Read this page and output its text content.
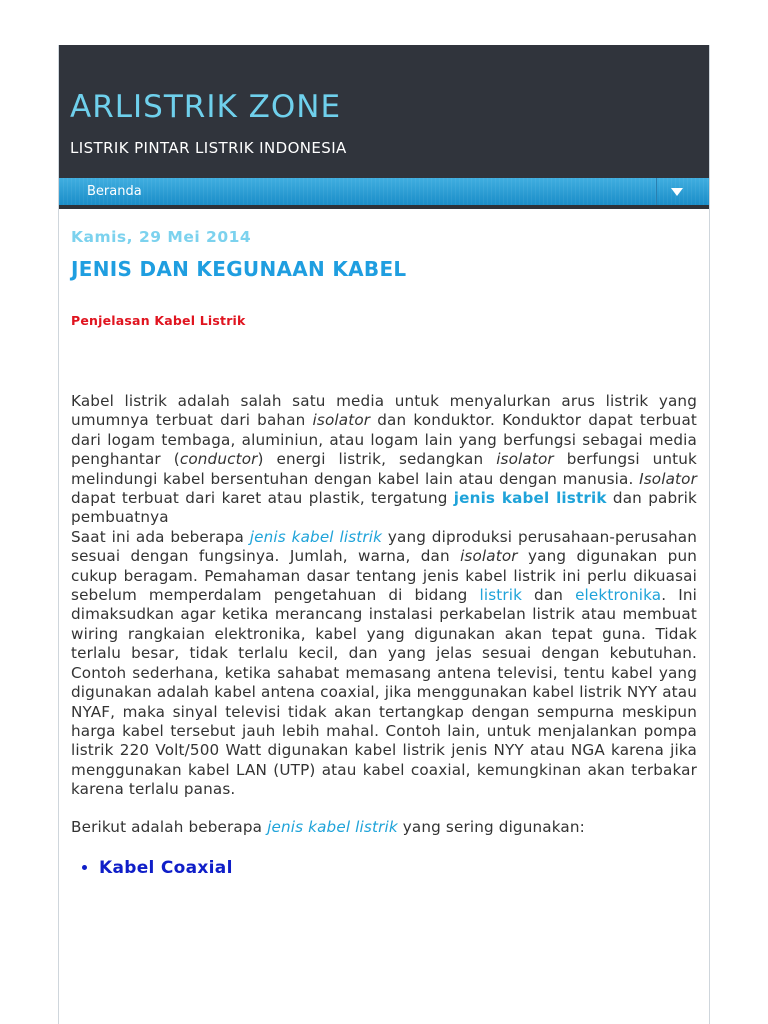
ARLISTRIK ZONE
LISTRIK PINTAR LISTRIK INDONESIA
Beranda
Kamis, 29 Mei 2014
JENIS DAN KEGUNAAN KABEL
Penjelasan Kabel Listrik

Kabel listrik adalah salah satu media untuk menyalurkan arus listrik yang umumnya terbuat dari bahan isolator dan konduktor. Konduktor dapat terbuat dari logam tembaga, aluminiun, atau logam lain yang berfungsi sebagai media penghantar (conductor) energi listrik, sedangkan isolator berfungsi untuk melindungi kabel bersentuhan dengan kabel lain atau dengan manusia. Isolator dapat terbuat dari karet atau plastik, tergatung jenis kabel listrik dan pabrik pembuatnya

Saat ini ada beberapa jenis kabel listrik yang diproduksi perusahaan-perusahan sesuai dengan fungsinya. Jumlah, warna, dan isolator yang digunakan pun cukup beragam. Pemahaman dasar tentang jenis kabel listrik ini perlu dikuasai sebelum memperdalam pengetahuan di bidang listrik dan elektronika. Ini dimaksudkan agar ketika merancang instalasi perkabelan listrik atau membuat wiring rangkaian elektronika, kabel yang digunakan akan tepat guna. Tidak terlalu besar, tidak terlalu kecil, dan yang jelas sesuai dengan kebutuhan. Contoh sederhana, ketika sahabat memasang antena televisi, tentu kabel yang digunakan adalah kabel antena coaxial, jika menggunakan kabel listrik NYY atau NYAF, maka sinyal televisi tidak akan tertangkap dengan sempurna meskipun harga kabel tersebut jauh lebih mahal. Contoh lain, untuk menjalankan pompa listrik 220 Volt/500 Watt digunakan kabel listrik jenis NYY atau NGA karena jika menggunakan kabel LAN (UTP) atau kabel coaxial, kemungkinan akan terbakar karena terlalu panas.

Berikut adalah beberapa jenis kabel listrik yang sering digunakan:

• Kabel Coaxial
